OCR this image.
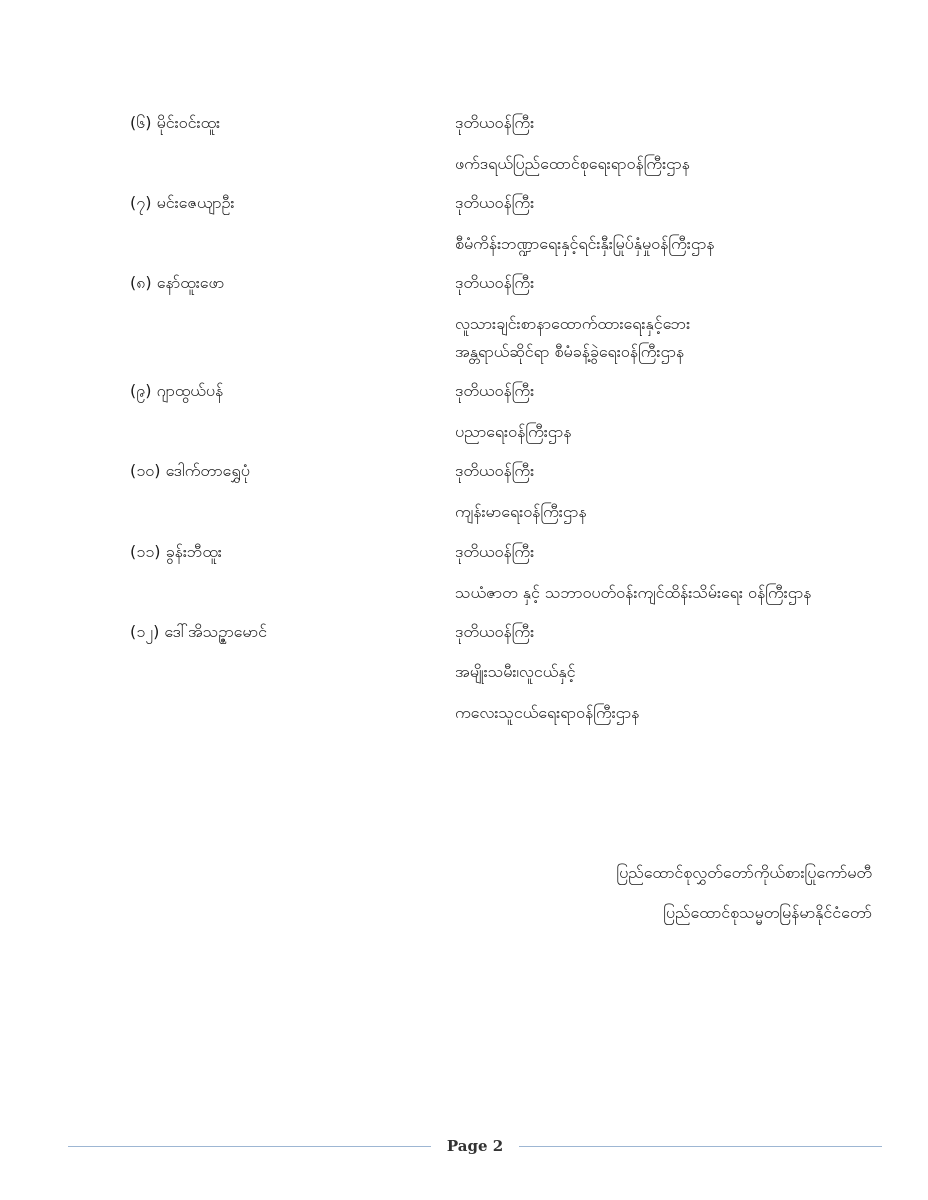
(၆) မိုင်းဝင်းထူး	ဒုတိယဝန်ကြီး
ဖက်ဒရယ်ပြည်ထောင်စုရေးရာဝန်ကြီးဌာန
(၇) မင်းဇေယျာဦး	ဒုတိယဝန်ကြီး
စီမံကိန်းဘဏ္ဍာရေးနှင့်ရင်းနှီးမြုပ်နှံမှုဝန်ကြီးဌာန
(၈) နော်ထူးဖော	ဒုတိယဝန်ကြီး
လူသားချင်းစာနာထောက်ထားရေးနှင့်ဘေး
အန္တရာယ်ဆိုင်ရာ စီမံခန့်ခွဲရေးဝန်ကြီးဌာန
(၉) ဂျာထွယ်ပန်	ဒုတိယဝန်ကြီး
ပညာရေးဝန်ကြီးဌာန
(၁၀) ဒေါက်တာရွှေပုံ	ဒုတိယဝန်ကြီး
ကျန်းမာရေးဝန်ကြီးဌာန
(၁၁) ခွန်းဘီထူး	ဒုတိယဝန်ကြီး
သယံဇာတ နှင့် သဘာဝပတ်ဝန်းကျင်ထိန်းသိမ်းရေး ဝန်ကြီးဌာန
(၁၂) ဒေါ်အိသဉ္ဇာမောင်	ဒုတိယဝန်ကြီး
အမျိုးသမီး၊လူငယ်နှင့်
ကလေးသူငယ်ရေးရာဝန်ကြီးဌာန
ပြည်ထောင်စုလွှတ်တော်ကိုယ်စားပြုကော်မတီ
ပြည်ထောင်စုသမ္မတမြန်မာနိုင်ငံတော်
Page 2
